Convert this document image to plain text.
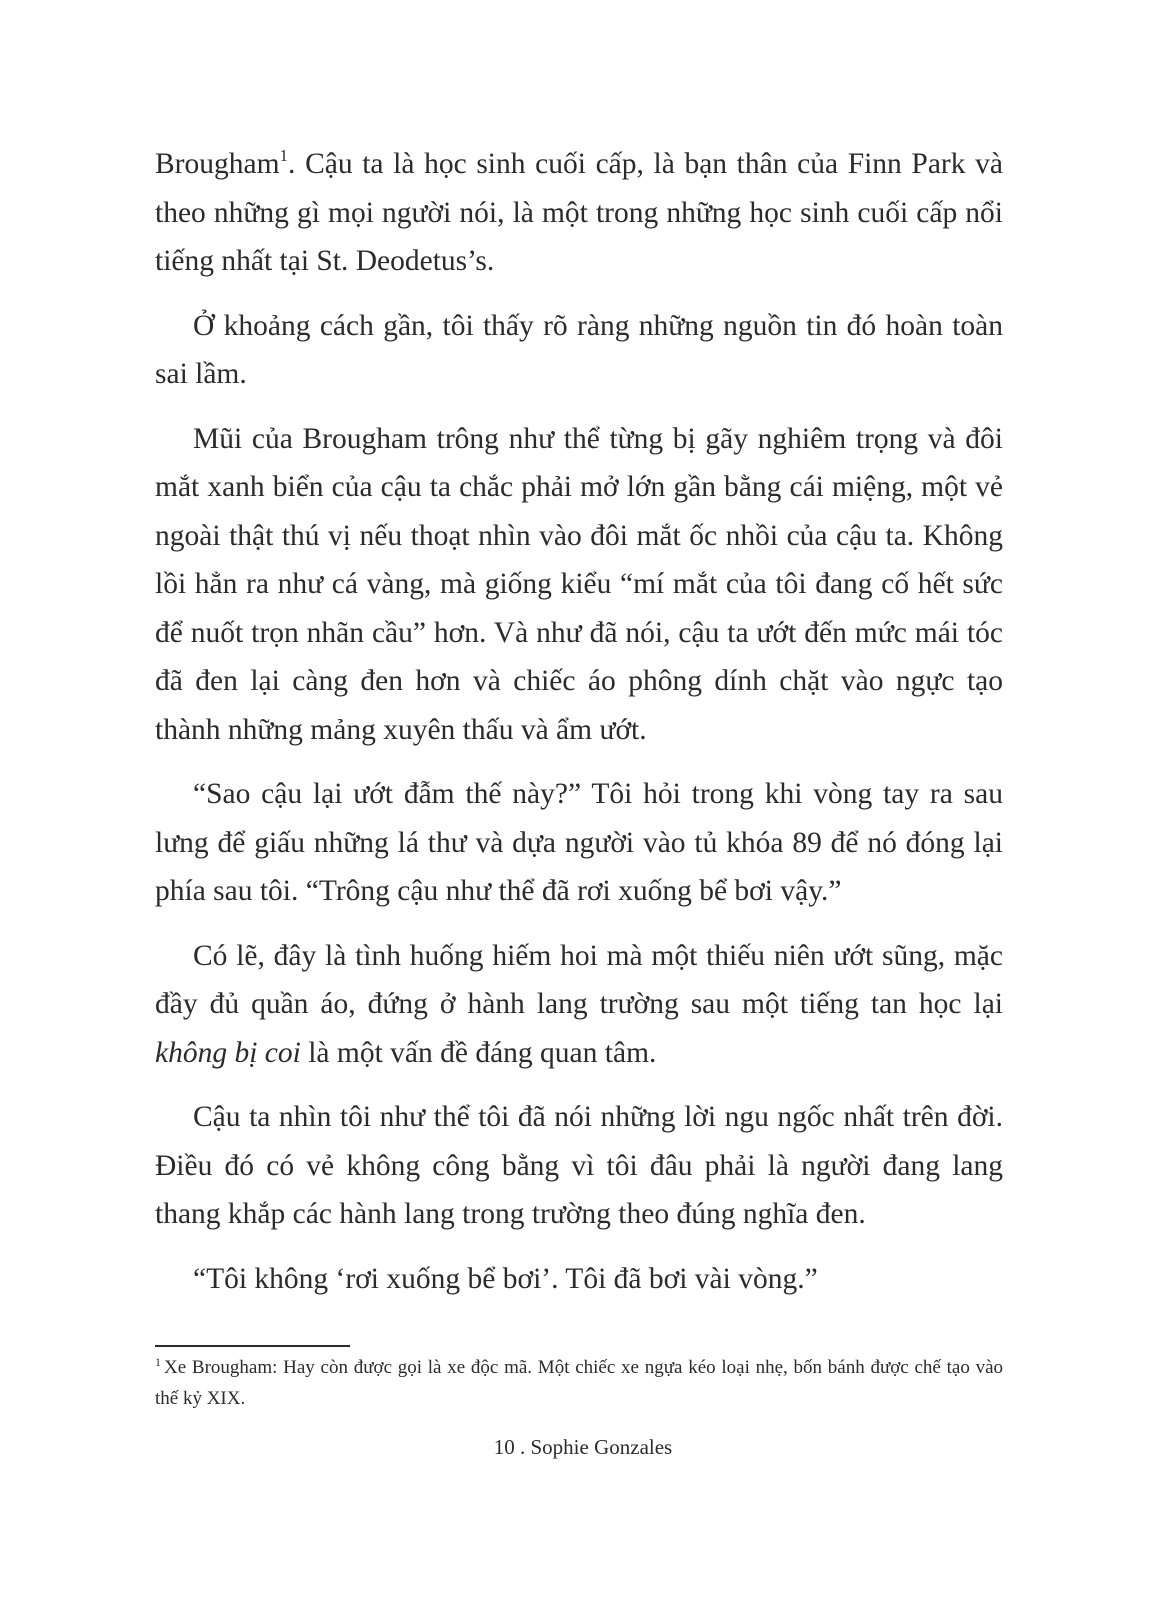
Brougham$^1$. Cậu ta là học sinh cuối cấp, là bạn thân của Finn Park và theo những gì mọi người nói, là một trong những học sinh cuối cấp nổi tiếng nhất tại St. Deodetus’s.

Ở khoảng cách gần, tôi thấy rõ ràng những nguồn tin đó hoàn toàn sai lầm.

Mũi của Brougham trông như thể từng bị gãy nghiêm trọng và đôi mắt xanh biển của cậu ta chắc phải mở lớn gần bằng cái miệng, một vẻ ngoài thật thú vị nếu thoạt nhìn vào đôi mắt ốc nhồi của cậu ta. Không lồi hẳn ra như cá vàng, mà giống kiểu “mí mắt của tôi đang cố hết sức để nuốt trọn nhãn cầu” hơn. Và như đã nói, cậu ta ướt đến mức mái tóc đã đen lại càng đen hơn và chiếc áo phông dính chặt vào ngực tạo thành những mảng xuyên thấu và ẩm ướt.

“Sao cậu lại ướt đẫm thế này?” Tôi hỏi trong khi vòng tay ra sau lưng để giấu những lá thư và dựa người vào tủ khóa 89 để nó đóng lại phía sau tôi. “Trông cậu như thể đã rơi xuống bể bơi vậy.”

Có lẽ, đây là tình huống hiếm hoi mà một thiếu niên ướt sũng, mặc đầy đủ quần áo, đứng ở hành lang trường sau một tiếng tan học lại không bị coi là một vấn đề đáng quan tâm.

Cậu ta nhìn tôi như thể tôi đã nói những lời ngu ngốc nhất trên đời. Điều đó có vẻ không công bằng vì tôi đâu phải là người đang lang thang khắp các hành lang trong trường theo đúng nghĩa đen.

“Tôi không ‘rơi xuống bể bơi’. Tôi đã bơi vài vòng.”

$^1$ Xe Brougham: Hay còn được gọi là xe độc mã. Một chiếc xe ngựa kéo loại nhẹ, bốn bánh được chế tạo vào thế kỷ XIX.
10 . Sophie Gonzales
